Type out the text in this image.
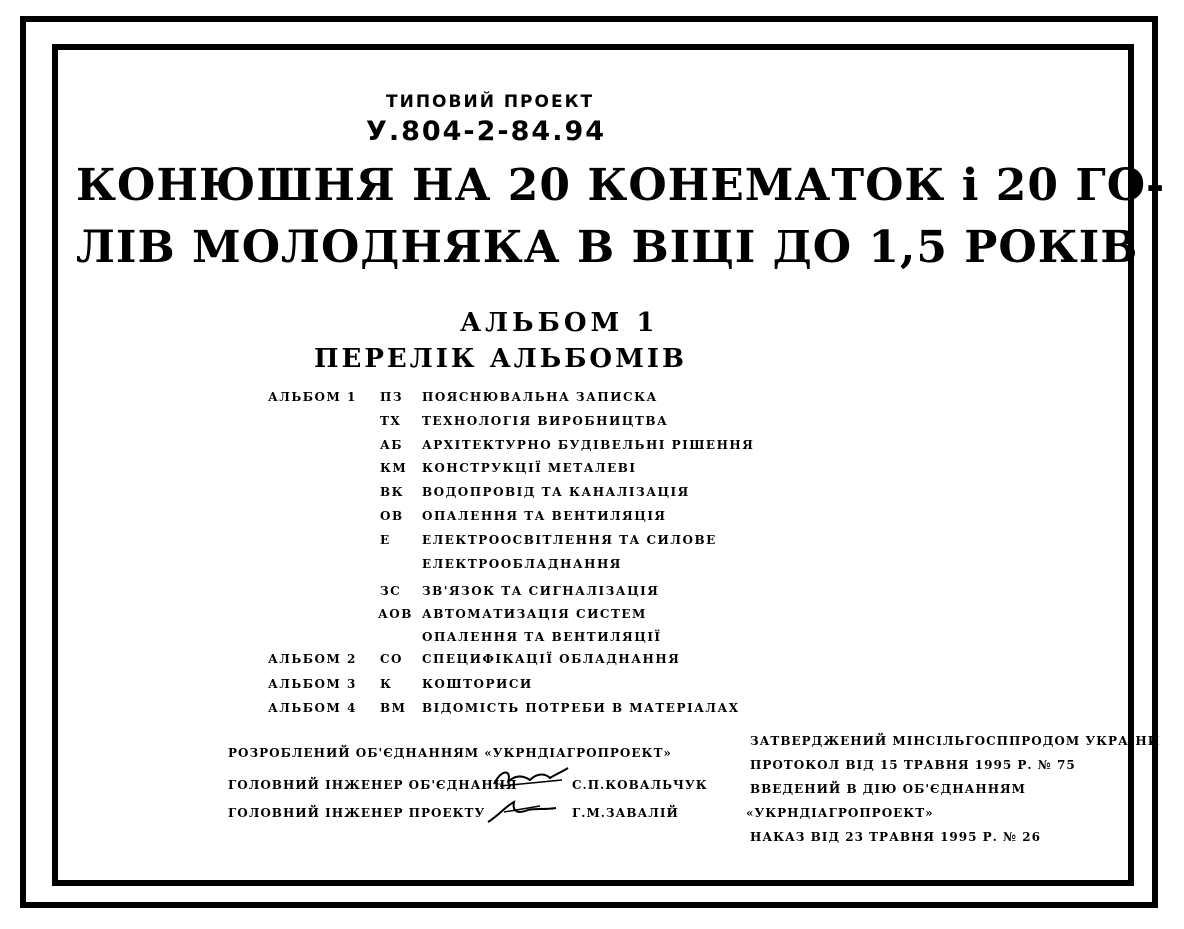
ТИПОВИЙ ПРОЕКТ
У.804-2-84.94
КОНЮШНЯ НА 20 КОНЕМАТОК і 20 ГО-
ЛІВ МОЛОДНЯКА В ВІЦІ ДО 1,5 РОКІВ
АЛЬБОМ 1
ПЕРЕЛІК АЛЬБОМІВ
АЛЬБОМ 1 ПЗ ПОЯСНЮВАЛЬНА ЗАПИСКА
ТХ ТЕХНОЛОГІЯ ВИРОБНИЦТВА
АБ АРХІТЕКТУРНО БУДІВЕЛЬНІ РІШЕННЯ
КМ КОНСТРУКЦІЇ МЕТАЛЕВІ
ВК ВОДОПРОВІД ТА КАНАЛІЗАЦІЯ
ОВ ОПАЛЕННЯ ТА ВЕНТИЛЯЦІЯ
Е	ЕЛЕКТРООСВІТЛЕННЯ ТА СИЛОВЕ
ЕЛЕКТРООБЛАДНАННЯ
ЗС ЗВ'ЯЗОК ТА СИГНАЛІЗАЦІЯ
АОВ АВТОМАТИЗАЦІЯ СИСТЕМ
ОПАЛЕННЯ ТА ВЕНТИЛЯЦІЇ
АЛЬБОМ 2 СО СПЕЦИФІКАЦІЇ ОБЛАДНАННЯ
АЛЬБОМ 3 К КОШТОРИСИ
АЛЬБОМ 4 ВМ ВІДОМІСТЬ ПОТРЕБИ В МАТЕРІАЛАХ
РОЗРОБЛЕНИЙ ОБ'ЄДНАННЯМ «УКРНДІАГРОПРОЕКТ»
ГОЛОВНИЙ ІНЖЕНЕР ОБ'ЄДНАННЯ	С.П.КОВАЛЬЧУК
ГОЛОВНИЙ ІНЖЕНЕР ПРОЕКТУ	Г.М.ЗАВАЛІЙ
ЗАТВЕРДЖЕНИЙ МІНСІЛЬГОСППРОДОМ УКРАЇНИ
ПРОТОКОЛ ВІД 15 ТРАВНЯ 1995 Р. № 75
ВВЕДЕНИЙ В ДІЮ ОБ'ЄДНАННЯМ
«УКРНДІАГРОПРОЕКТ»
НАКАЗ ВІД 23 ТРАВНЯ 1995 Р. № 26
